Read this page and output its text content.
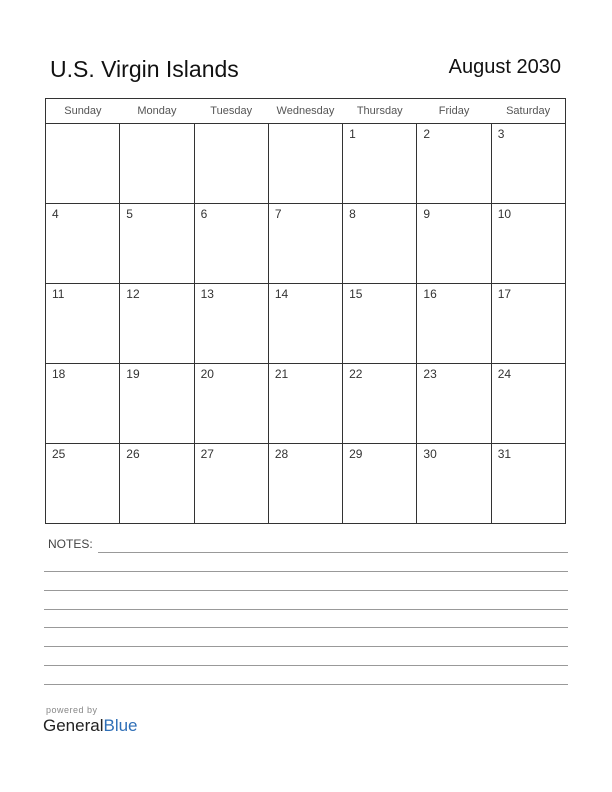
U.S. Virgin Islands	August 2030
Sunday	Monday	Tuesday	Wednesday	Thursday	Friday	Saturday
				1	2	3
4	5	6	7	8	9	10
11	12	13	14	15	16	17
18	19	20	21	22	23	24
25	26	27	28	29	30	31
NOTES:
powered by
GeneralBlue
